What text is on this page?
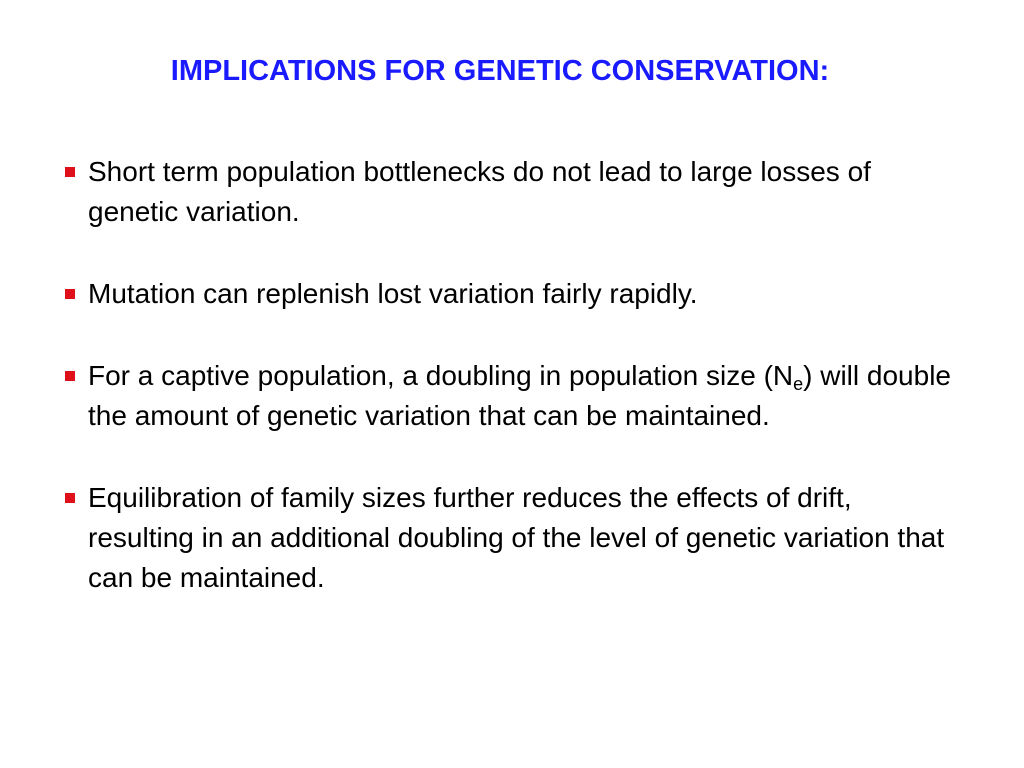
IMPLICATIONS FOR GENETIC CONSERVATION:
Short term population bottlenecks do not lead to large losses of genetic variation.
Mutation can replenish lost variation fairly rapidly.
For a captive population, a doubling in population size $(N_e)$ will double the amount of genetic variation that can be maintained.
Equilibration of family sizes further reduces the effects of drift, resulting in an additional doubling of the level of genetic variation that can be maintained.
